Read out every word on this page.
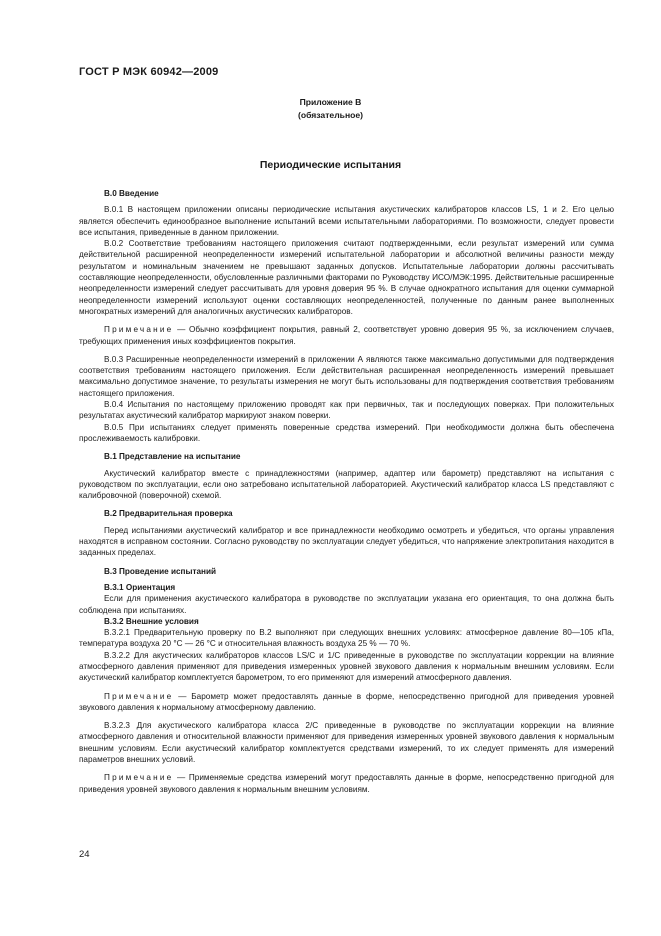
ГОСТ Р МЭК 60942—2009
Приложение В
(обязательное)
Периодические испытания
В.0 Введение

В.0.1 В настоящем приложении описаны периодические испытания акустических калибраторов классов LS, 1 и 2. Его целью является обеспечить единообразное выполнение испытаний всеми испытательными лабораториями. По возможности, следует провести все испытания, приведенные в данном приложении.

В.0.2 Соответствие требованиям настоящего приложения считают подтвержденными, если результат измерений или сумма действительной расширенной неопределенности измерений испытательной лаборатории и абсолютной величины разности между результатом и номинальным значением не превышают заданных допусков. Испытательные лаборатории должны рассчитывать составляющие неопределенности, обусловленные различными факторами по Руководству ИСО/МЭК:1995. Действительные расширенные неопределенности измерений следует рассчитывать для уровня доверия 95 %. В случае однократного испытания для оценки суммарной неопределенности измерений используют оценки составляющих неопределенностей, полученные по данным ранее выполненных многократных измерений для аналогичных акустических калибраторов.

Примечание — Обычно коэффициент покрытия, равный 2, соответствует уровню доверия 95 %, за исключением случаев, требующих применения иных коэффициентов покрытия.

В.0.3 Расширенные неопределенности измерений в приложении А являются также максимально допустимыми для подтверждения соответствия требованиям настоящего приложения. Если действительная расширенная неопределенность измерений превышает максимально допустимое значение, то результаты измерения не могут быть использованы для подтверждения соответствия требованиям настоящего приложения.

В.0.4 Испытания по настоящему приложению проводят как при первичных, так и последующих поверках. При положительных результатах акустический калибратор маркируют знаком поверки.

В.0.5 При испытаниях следует применять поверенные средства измерений. При необходимости должна быть обеспечена прослеживаемость калибровки.

В.1 Представление на испытание

Акустический калибратор вместе с принадлежностями (например, адаптер или барометр) представляют на испытания с руководством по эксплуатации, если оно затребовано испытательной лабораторией. Акустический калибратор класса LS представляют с калибровочной (поверочной) схемой.

В.2 Предварительная проверка

Перед испытаниями акустический калибратор и все принадлежности необходимо осмотреть и убедиться, что органы управления находятся в исправном состоянии. Согласно руководству по эксплуатации следует убедиться, что напряжение электропитания находится в заданных пределах.

В.3 Проведение испытаний
В.3.1 Ориентация

Если для применения акустического калибратора в руководстве по эксплуатации указана его ориентация, то она должна быть соблюдена при испытаниях.

В.3.2 Внешние условия

В.3.2.1 Предварительную проверку по В.2 выполняют при следующих внешних условиях: атмосферное давление 80—105 кПа, температура воздуха 20 °С — 26 °С и относительная влажность воздуха 25 % — 70 %.

В.3.2.2 Для акустических калибраторов классов LS/C и 1/C приведенные в руководстве по эксплуатации коррекции на влияние атмосферного давления применяют для приведения измеренных уровней звукового давления к нормальным внешним условиям. Если акустический калибратор комплектуется барометром, то его применяют для измерений атмосферного давления.

Примечание — Барометр может предоставлять данные в форме, непосредственно пригодной для приведения уровней звукового давления к нормальному атмосферному давлению.

В.3.2.3 Для акустического калибратора класса 2/C приведенные в руководстве по эксплуатации коррекции на влияние атмосферного давления и относительной влажности применяют для приведения измеренных уровней звукового давления к нормальным внешним условиям. Если акустический калибратор комплектуется средствами измерений, то их следует применять для измерений параметров внешних условий.

Примечание — Применяемые средства измерений могут предоставлять данные в форме, непосредственно пригодной для приведения уровней звукового давления к нормальным внешним условиям.

24
